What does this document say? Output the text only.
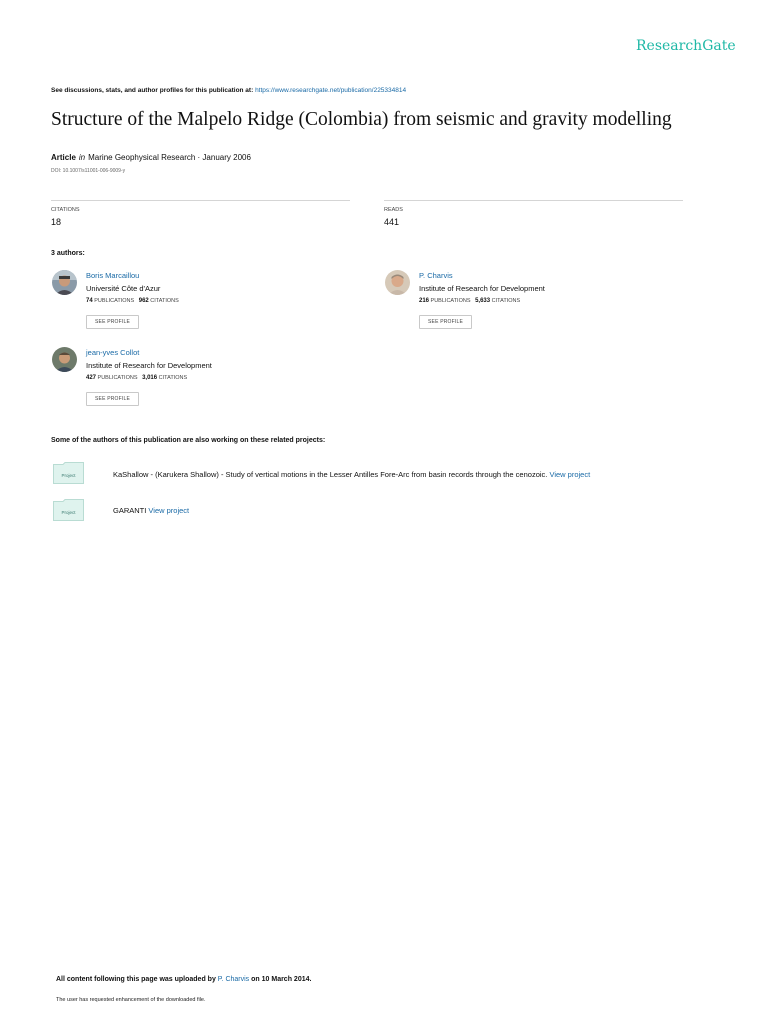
ResearchGate
See discussions, stats, and author profiles for this publication at: https://www.researchgate.net/publication/225334814
Structure of the Malpelo Ridge (Colombia) from seismic and gravity modelling
Article in Marine Geophysical Research · January 2006
DOI: 10.1007/s11001-006-9009-y
CITATIONS
18
READS
441
3 authors:
Boris Marcaillou
Université Côte d'Azur
74 PUBLICATIONS 962 CITATIONS
SEE PROFILE
P. Charvis
Institute of Research for Development
216 PUBLICATIONS 5,633 CITATIONS
SEE PROFILE
jean-yves Collot
Institute of Research for Development
427 PUBLICATIONS 3,016 CITATIONS
SEE PROFILE
Some of the authors of this publication are also working on these related projects:
Project	KaShallow - (Karukera Shallow) - Study of vertical motions in the Lesser Antilles Fore-Arc from basin records through the cenozoic. View project
Project	GARANTI View project
All content following this page was uploaded by P. Charvis on 10 March 2014.
The user has requested enhancement of the downloaded file.
